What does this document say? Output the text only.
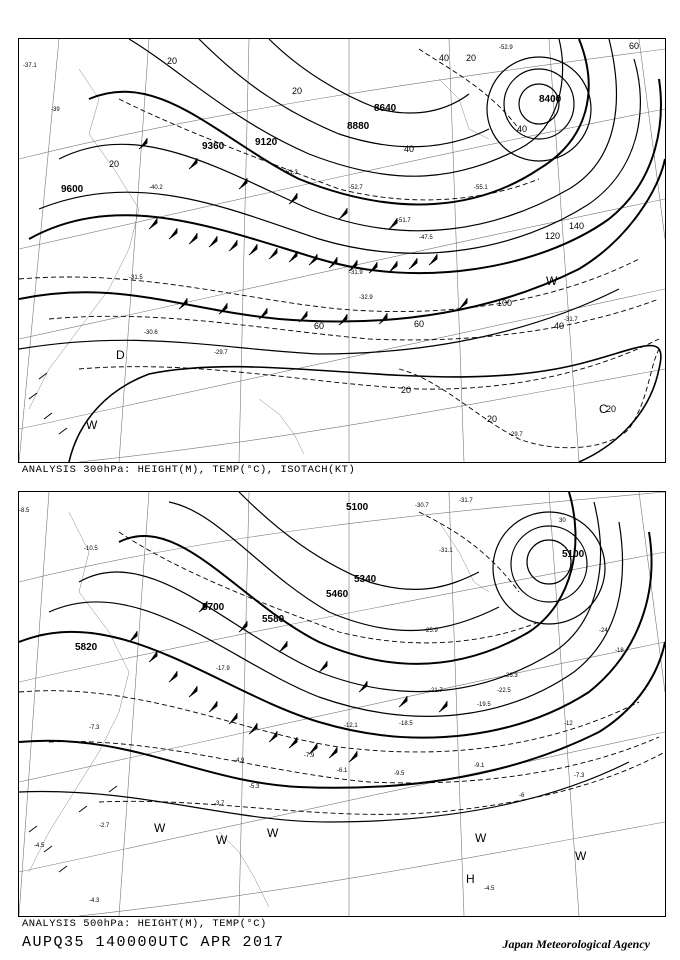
9600
9360	9120
8880
8640
8400
20
20
20
60
40
60	60
100
40
120
140
20
20
20
20
40
40
-37.1
-39
-40.2
-31.5
-30.6
-29.7
-31.9
-51.7
-55.1
-52.9
-47.5
-32.9
-29.7
-31.7
-51.3
-52.7
D
W
W
C
ANALYSIS 300hPa: HEIGHT(M), TEMP(°C), ISOTACH(KT)
5820
5700
5580
5460
5340
5100
5100
30
-24
-18
-12
-6
-8.5
-10.5
-7.3
-2.7
-4.5
-4.3
-7.3
-4.5
-9.1
-9.5
-31.1
-30.7
-31.7
-22.5
-26.3
-25.9
-21.7
-19.5
-18.5
-12.1
-7.9
-6.1
-4.9
-3.7
-5.3
-17.9
W
W	W	W
W
H
ANALYSIS 500hPa: HEIGHT(M), TEMP(°C)
AUPQ35 140000UTC APR 2017	Japan Meteorological Agency
